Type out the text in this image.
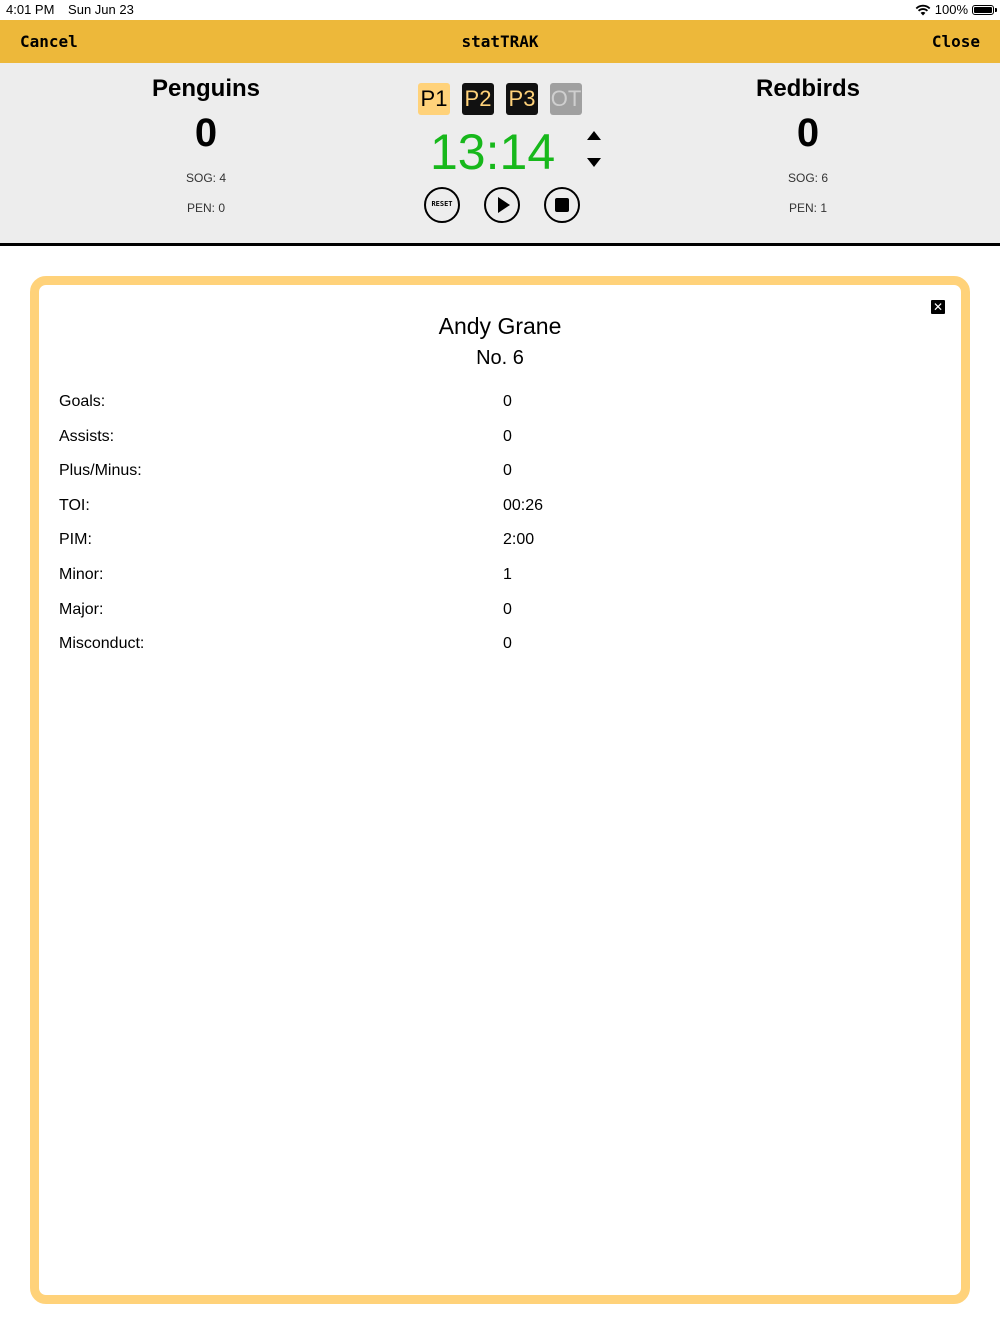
4:01 PM Sun Jun 23	100%
Cancel	statTRAK	Close
Penguins
0
SOG: 4
PEN: 0
P1 P2 P3 OT
13:14
RESET
Redbirds
0
SOG: 6
PEN: 1
✕
Andy Grane
No. 6
Goals:	0
Assists:	0
Plus/Minus:	0
TOI:	00:26
PIM:	2:00
Minor:	1
Major:	0
Misconduct:	0
